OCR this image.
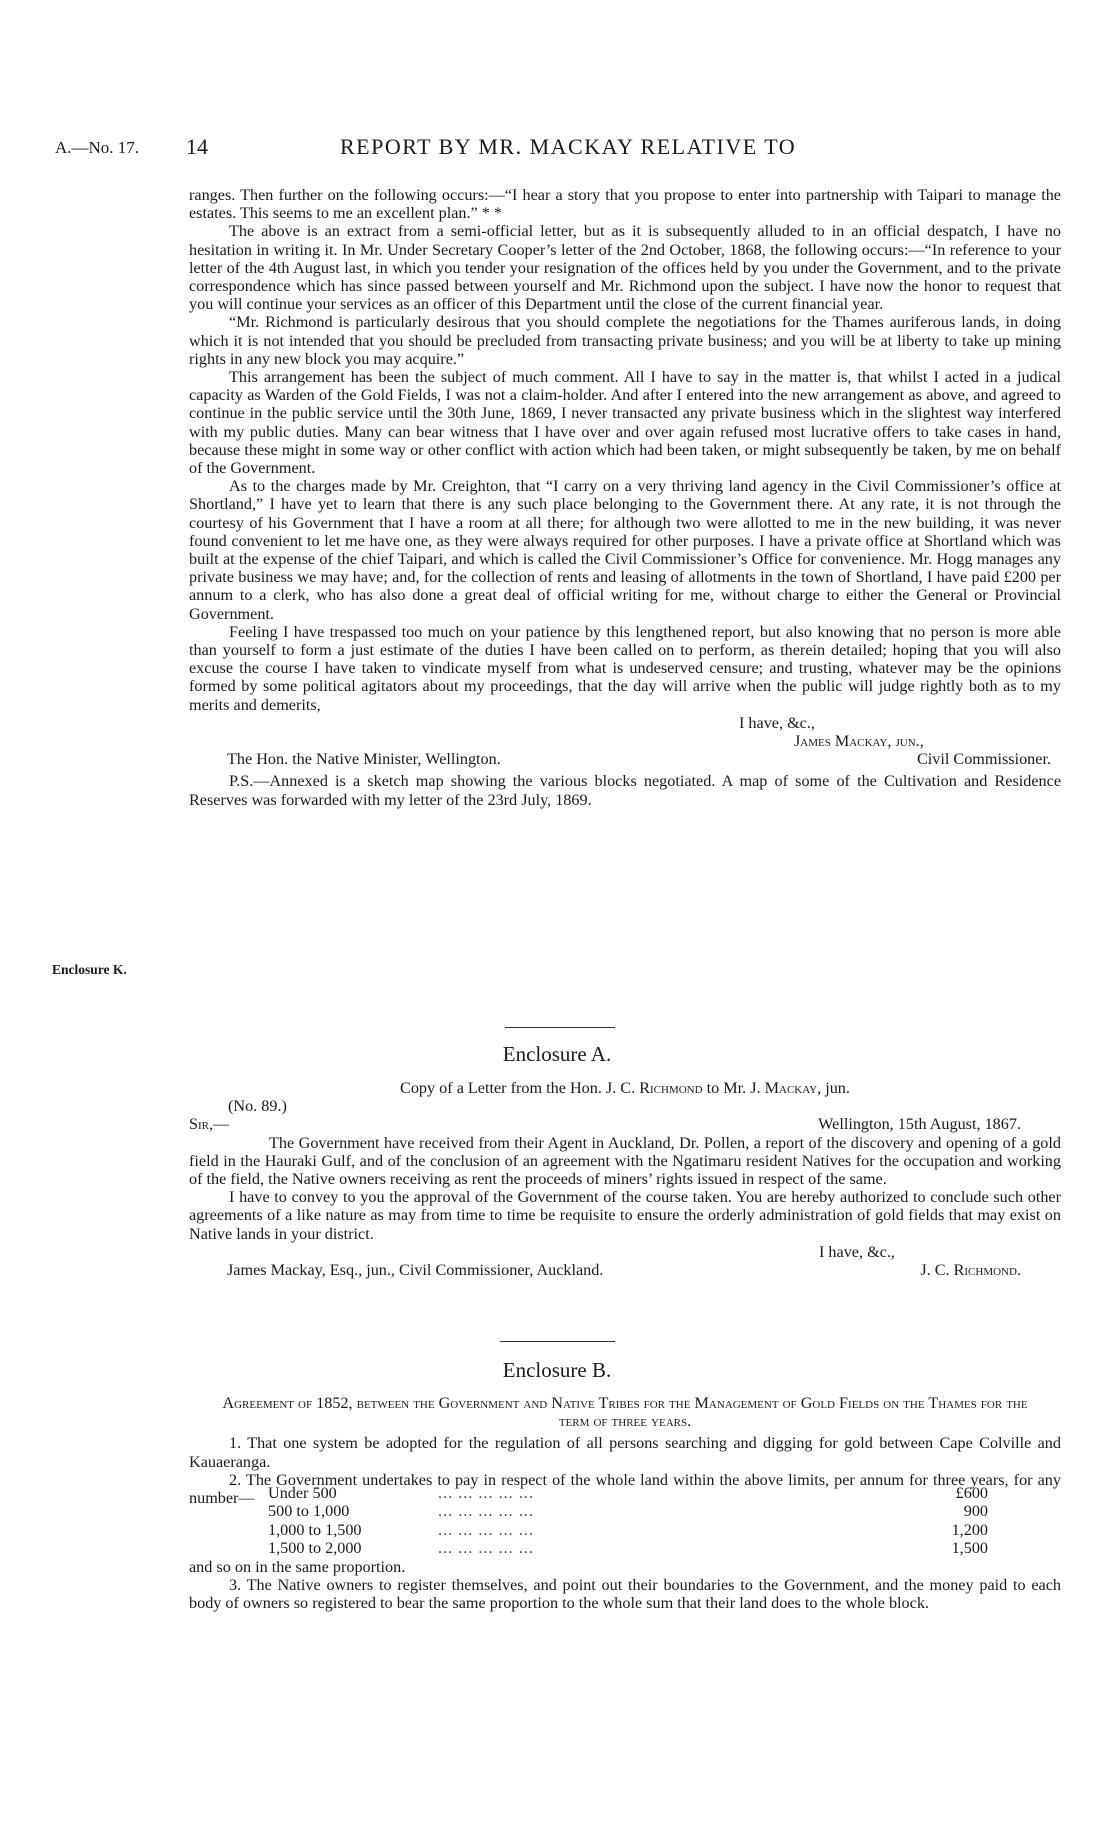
A.—No. 17. 14	REPORT BY MR. MACKAY RELATIVE TO

ranges. Then further on the following occurs:—“I hear a story that you propose to enter into partnership with Taipari to manage the estates. This seems to me an excellent plan.” * *

The above is an extract from a semi-official letter, but as it is subsequently alluded to in an official despatch, I have no hesitation in writing it. In Mr. Under Secretary Cooper’s letter of the 2nd October, 1868, the following occurs:—“In reference to your letter of the 4th August last, in which you tender your resignation of the offices held by you under the Government, and to the private correspondence which has since passed between yourself and Mr. Richmond upon the subject. I have now the honor to request that you will continue your services as an officer of this Department until the close of the current financial year.

“Mr. Richmond is particularly desirous that you should complete the negotiations for the Thames auriferous lands, in doing which it is not intended that you should be precluded from transacting private business; and you will be at liberty to take up mining rights in any new block you may acquire.”

This arrangement has been the subject of much comment. All I have to say in the matter is, that whilst I acted in a judical capacity as Warden of the Gold Fields, I was not a claim-holder. And after I entered into the new arrangement as above, and agreed to continue in the public service until the 30th June, 1869, I never transacted any private business which in the slightest way interfered with my public duties. Many can bear witness that I have over and over again refused most lucrative offers to take cases in hand, because these might in some way or other conflict with action which had been taken, or might subsequently be taken, by me on behalf of the Government.

As to the charges made by Mr. Creighton, that “I carry on a very thriving land agency in the Civil Commissioner’s office at Shortland,” I have yet to learn that there is any such place belonging to the Government there. At any rate, it is not through the courtesy of his Government that I have a room at all there; for although two were allotted to me in the new building, it was never found convenient to let me have one, as they were always required for other purposes. I have a private office at Shortland which was built at the expense of the chief Taipari, and which is called the Civil Commissioner’s Office for convenience. Mr. Hogg manages any private business we may have; and, for the collection of rents and leasing of allotments in the town of Shortland, I have paid £200 per annum to a clerk, who has also done a great deal of official writing for me, without charge to either the General or Provincial Government.

Feeling I have trespassed too much on your patience by this lengthened report, but also knowing that no person is more able than yourself to form a just estimate of the duties I have been called on to perform, as therein detailed; hoping that you will also excuse the course I have taken to vindicate myself from what is undeserved censure; and trusting, whatever may be the opinions formed by some political agitators about my proceedings, that the day will arrive when the public will judge rightly both as to my merits and demerits,

I have, &c.,
James Mackay, jun.,
The Hon. the Native Minister, Wellington.	Civil Commissioner.

P.S.—Annexed is a sketch map showing the various blocks negotiated. A map of some of the Cultivation and Residence Reserves was forwarded with my letter of the 23rd July, 1869.

Enclosure K.
Enclosure A.

Copy of a Letter from the Hon. J. C. Richmond to Mr. J. Mackay, jun.

(No. 89.)

Sir,—	Wellington, 15th August, 1867.

The Government have received from their Agent in Auckland, Dr. Pollen, a report of the discovery and opening of a gold field in the Hauraki Gulf, and of the conclusion of an agreement with the Ngatimaru resident Natives for the occupation and working of the field, the Native owners receiving as rent the proceeds of miners’ rights issued in respect of the same.

I have to convey to you the approval of the Government of the course taken. You are hereby authorized to conclude such other agreements of a like nature as may from time to time be requisite to ensure the orderly administration of gold fields that may exist on Native lands in your district.

I have, &c.,
James Mackay, Esq., jun., Civil Commissioner, Auckland.	J. C. Richmond.
Enclosure B.

Agreement of 1852, between the Government and Native Tribes for the Management of Gold Fields on the Thames for the term of three years.

1. That one system be adopted for the regulation of all persons searching and digging for gold between Cape Colville and Kauaeranga.

2. The Government undertakes to pay in respect of the whole land within the above limits, per annum for three years, for any number— Under 500	... ... ... ... ...	£600
500 to 1,000	... ... ... ... ...	900
1,000 to 1,500	... ... ... ... ...	1,200
1,500 to 2,000	... ... ... ... ...	1,500

and so on in the same proportion.

3. The Native owners to register themselves, and point out their boundaries to the Government, and the money paid to each body of owners so registered to bear the same proportion to the whole sum that their land does to the whole block.
